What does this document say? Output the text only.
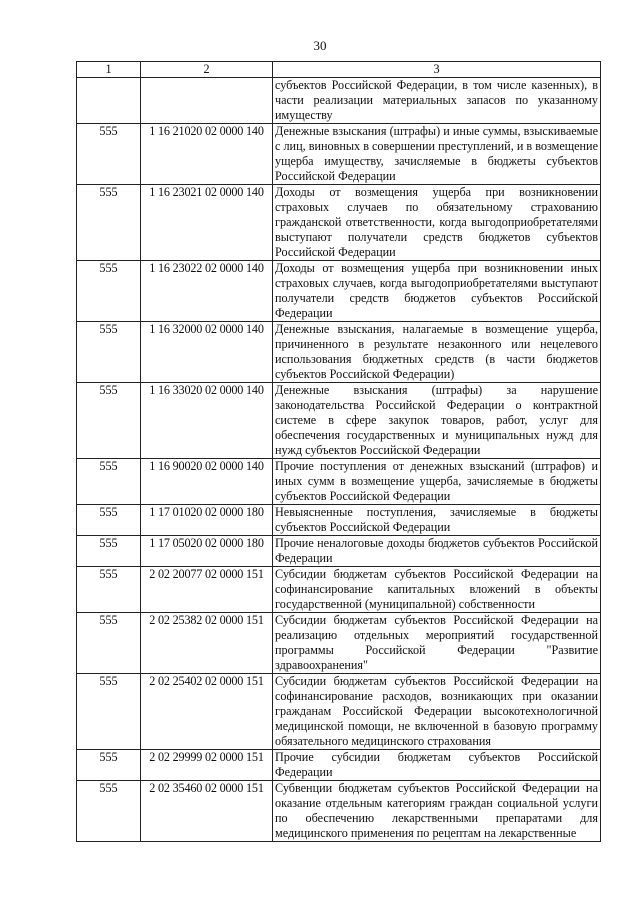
30
1	2	3
		субъектов Российской Федерации, в том числе казенных), в части реализации материальных запасов по указанному имуществу
555	1 16 21020 02 0000 140	Денежные взыскания (штрафы) и иные суммы, взыскиваемые с лиц, виновных в совершении преступлений, и в возмещение ущерба имуществу, зачисляемые в бюджеты субъектов Российской Федерации
555	1 16 23021 02 0000 140	Доходы от возмещения ущерба при возникновении страховых случаев по обязательному страхованию гражданской ответственности, когда выгодоприобретателями выступают получатели средств бюджетов субъектов Российской Федерации
555	1 16 23022 02 0000 140	Доходы от возмещения ущерба при возникновении иных страховых случаев, когда выгодоприобретателями выступают получатели средств бюджетов субъектов Российской Федерации
555	1 16 32000 02 0000 140	Денежные взыскания, налагаемые в возмещение ущерба, причиненного в результате незаконного или нецелевого использования бюджетных средств (в части бюджетов субъектов Российской Федерации)
555	1 16 33020 02 0000 140	Денежные взыскания (штрафы) за нарушение законодательства Российской Федерации о контрактной системе в сфере закупок товаров, работ, услуг для обеспечения государственных и муниципальных нужд для нужд субъектов Российской Федерации
555	1 16 90020 02 0000 140	Прочие поступления от денежных взысканий (штрафов) и иных сумм в возмещение ущерба, зачисляемые в бюджеты субъектов Российской Федерации
555	1 17 01020 02 0000 180	Невыясненные поступления, зачисляемые в бюджеты субъектов Российской Федерации
555	1 17 05020 02 0000 180	Прочие неналоговые доходы бюджетов субъектов Российской Федерации
555	2 02 20077 02 0000 151	Субсидии бюджетам субъектов Российской Федерации на софинансирование капитальных вложений в объекты государственной (муниципальной) собственности
555	2 02 25382 02 0000 151	Субсидии бюджетам субъектов Российской Федерации на реализацию отдельных мероприятий государственной программы Российской Федерации "Развитие здравоохранения"
555	2 02 25402 02 0000 151	Субсидии бюджетам субъектов Российской Федерации на софинансирование расходов, возникающих при оказании гражданам Российской Федерации высокотехнологичной медицинской помощи, не включенной в базовую программу обязательного медицинского страхования
555	2 02 29999 02 0000 151	Прочие субсидии бюджетам субъектов Российской Федерации
555	2 02 35460 02 0000 151	Субвенции бюджетам субъектов Российской Федерации на оказание отдельным категориям граждан социальной услуги по обеспечению лекарственными препаратами для медицинского применения по рецептам на лекарственные
